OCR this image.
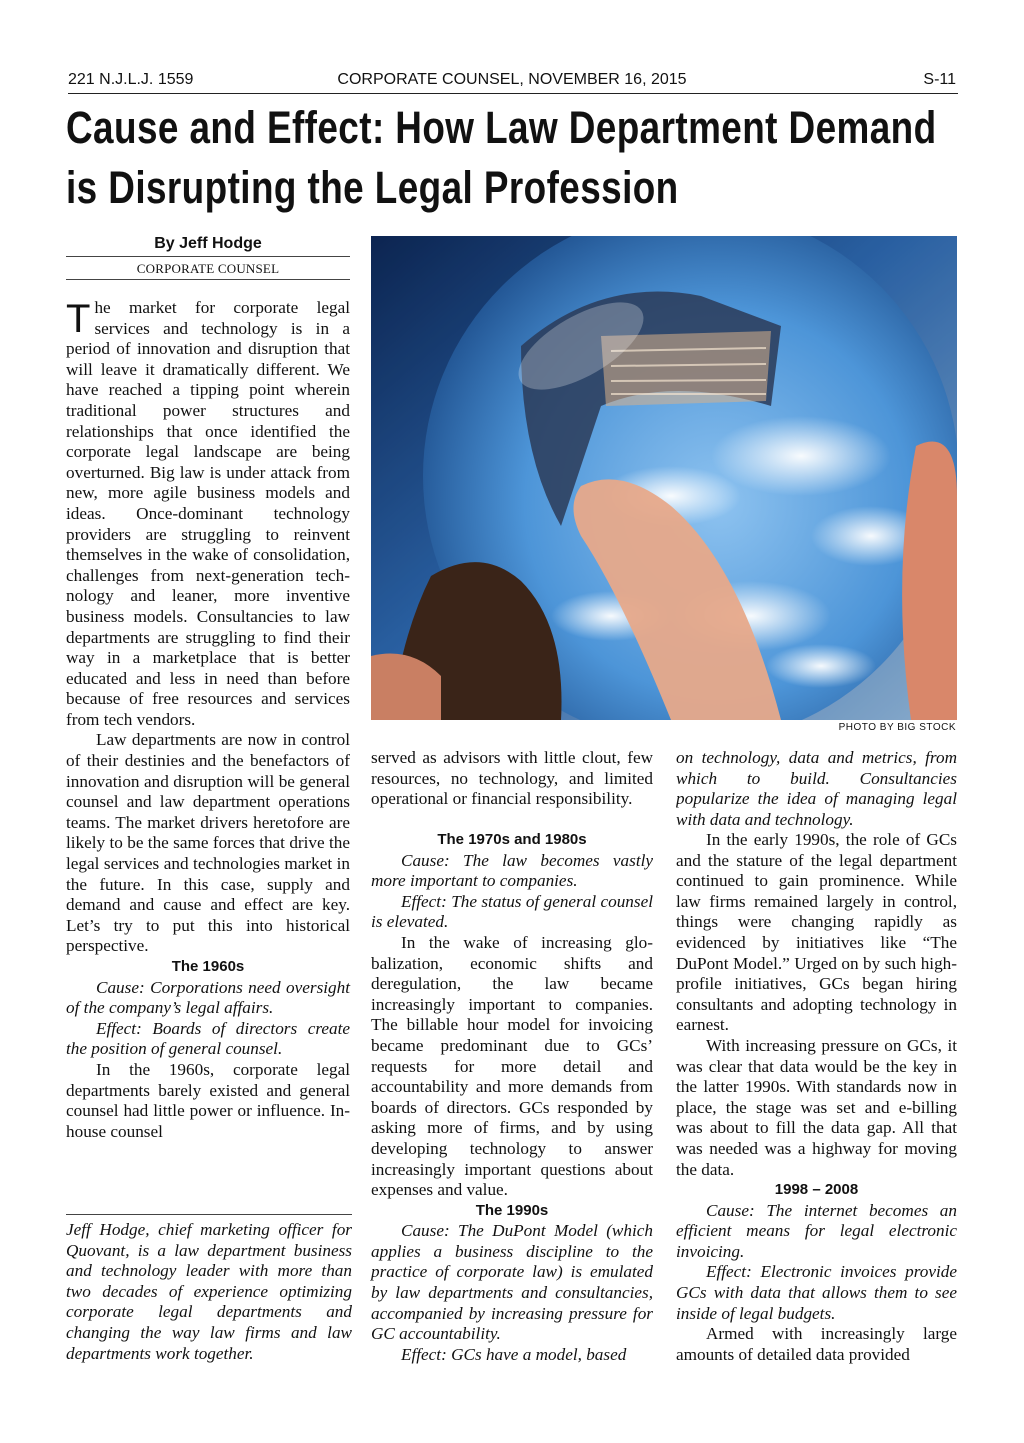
221 N.J.L.J. 1559	CORPORATE COUNSEL, NOVEMBER 16, 2015	S-11
Cause and Effect: How Law Department Demand
is Disrupting the Legal Profession
By Jeff Hodge
CORPORATE COUNSEL

The market for corporate legal services and technology is in a period of innovation and disruption that will leave it dramatically different. We have reached a tipping point wherein traditional power structures and relationships that once identified the corporate legal landscape are being overturned. Big law is under attack from new, more agile business models and ideas. Once-dominant technology providers are struggling to reinvent themselves in the wake of consolidation, challenges from next-generation technology and leaner, more inventive business models. Consultancies to law departments are struggling to find their way in a marketplace that is better educated and less in need than before because of free resources and services from tech vendors.

Law departments are now in control of their destinies and the benefactors of innovation and disruption will be general counsel and law department operations teams. The market drivers heretofore are likely to be the same forces that drive the legal services and technologies market in the future. In this case, supply and demand and cause and effect are key. Let’s try to put this into historical perspective.

The 1960s

Cause: Corporations need oversight of the company’s legal affairs.

Effect: Boards of directors create the position of general counsel.

In the 1960s, corporate legal departments barely existed and general counsel had little power or influence. In-house counsel

Jeff Hodge, chief marketing officer for Quovant, is a law department business and technology leader with more than two decades of experience optimizing corporate legal departments and changing the way law firms and law departments work together.
PHOTO BY BIG STOCK

The 1970s and 1980s

Cause: The law becomes vastly more important to companies.

Effect: The status of general counsel is elevated.

In the wake of increasing globalization, economic shifts and deregulation, the law became increasingly important to companies. The billable hour model for invoicing became predominant due to GCs’ requests for more detail and accountability and more demands from boards of directors. GCs responded by asking more of firms, and by using developing technology to answer increasingly important questions about expenses and value.

The 1990s

Cause: The DuPont Model (which applies a business discipline to the practice of corporate law) is emulated by law departments and consultancies, accompanied by increasing pressure for GC accountability.

Effect: GCs have a model, based

In the early 1990s, the role of GCs and the stature of the legal department continued to gain prominence. While law firms remained largely in control, things were changing rapidly as evidenced by initiatives like “The DuPont Model.” Urged on by such high-profile initiatives, GCs began hiring consultants and adopting technology in earnest.

With increasing pressure on GCs, it was clear that data would be the key in the latter 1990s. With standards now in place, the stage was set and e-billing was about to fill the data gap. All that was needed was a highway for moving the data.

1998 – 2008

Cause: The internet becomes an efficient means for legal electronic invoicing.

Effect: Electronic invoices provide GCs with data that allows them to see inside of legal budgets.

Armed with increasingly large amounts of detailed data provided

served as advisors with little clout, few resources, no technology, and limited operational or financial responsibility.

on technology, data and metrics, from which to build. Consultancies popularize the idea of managing legal with data and technology.
